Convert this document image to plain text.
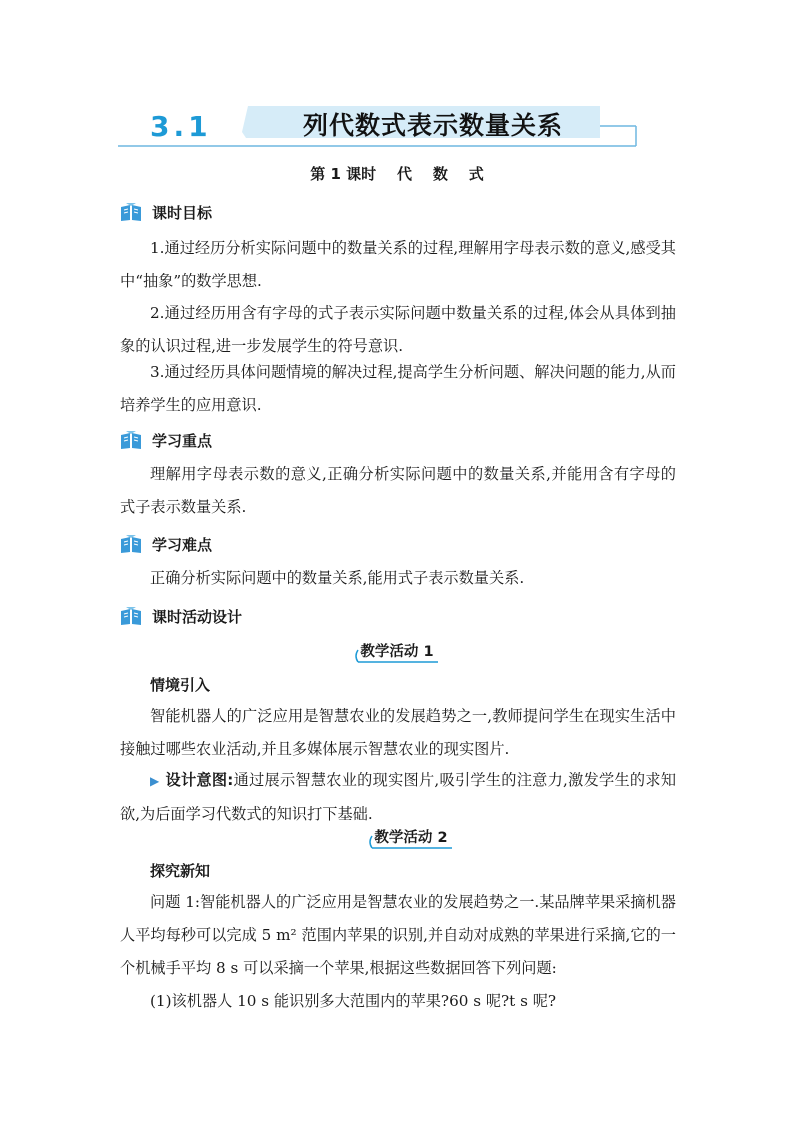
3.1	列代数式表示数量关系
第 1 课时    代    数    式
课时目标
1.通过经历分析实际问题中的数量关系的过程,理解用字母表示数的意义,感受其中“抽象”的数学思想.
2.通过经历用含有字母的式子表示实际问题中数量关系的过程,体会从具体到抽象的认识过程,进一步发展学生的符号意识.
3.通过经历具体问题情境的解决过程,提高学生分析问题、解决问题的能力,从而培养学生的应用意识.
学习重点
理解用字母表示数的意义,正确分析实际问题中的数量关系,并能用含有字母的式子表示数量关系.
学习难点
正确分析实际问题中的数量关系,能用式子表示数量关系.
课时活动设计
教学活动 1
情境引入
智能机器人的广泛应用是智慧农业的发展趋势之一,教师提问学生在现实生活中接触过哪些农业活动,并且多媒体展示智慧农业的现实图片.
▶ 设计意图:通过展示智慧农业的现实图片,吸引学生的注意力,激发学生的求知欲,为后面学习代数式的知识打下基础.
教学活动 2
探究新知
问题 1:智能机器人的广泛应用是智慧农业的发展趋势之一.某品牌苹果采摘机器人平均每秒可以完成 5 m² 范围内苹果的识别,并自动对成熟的苹果进行采摘,它的一个机械手平均 8 s 可以采摘一个苹果,根据这些数据回答下列问题:
(1)该机器人 10 s 能识别多大范围内的苹果?60 s 呢?t s 呢?
